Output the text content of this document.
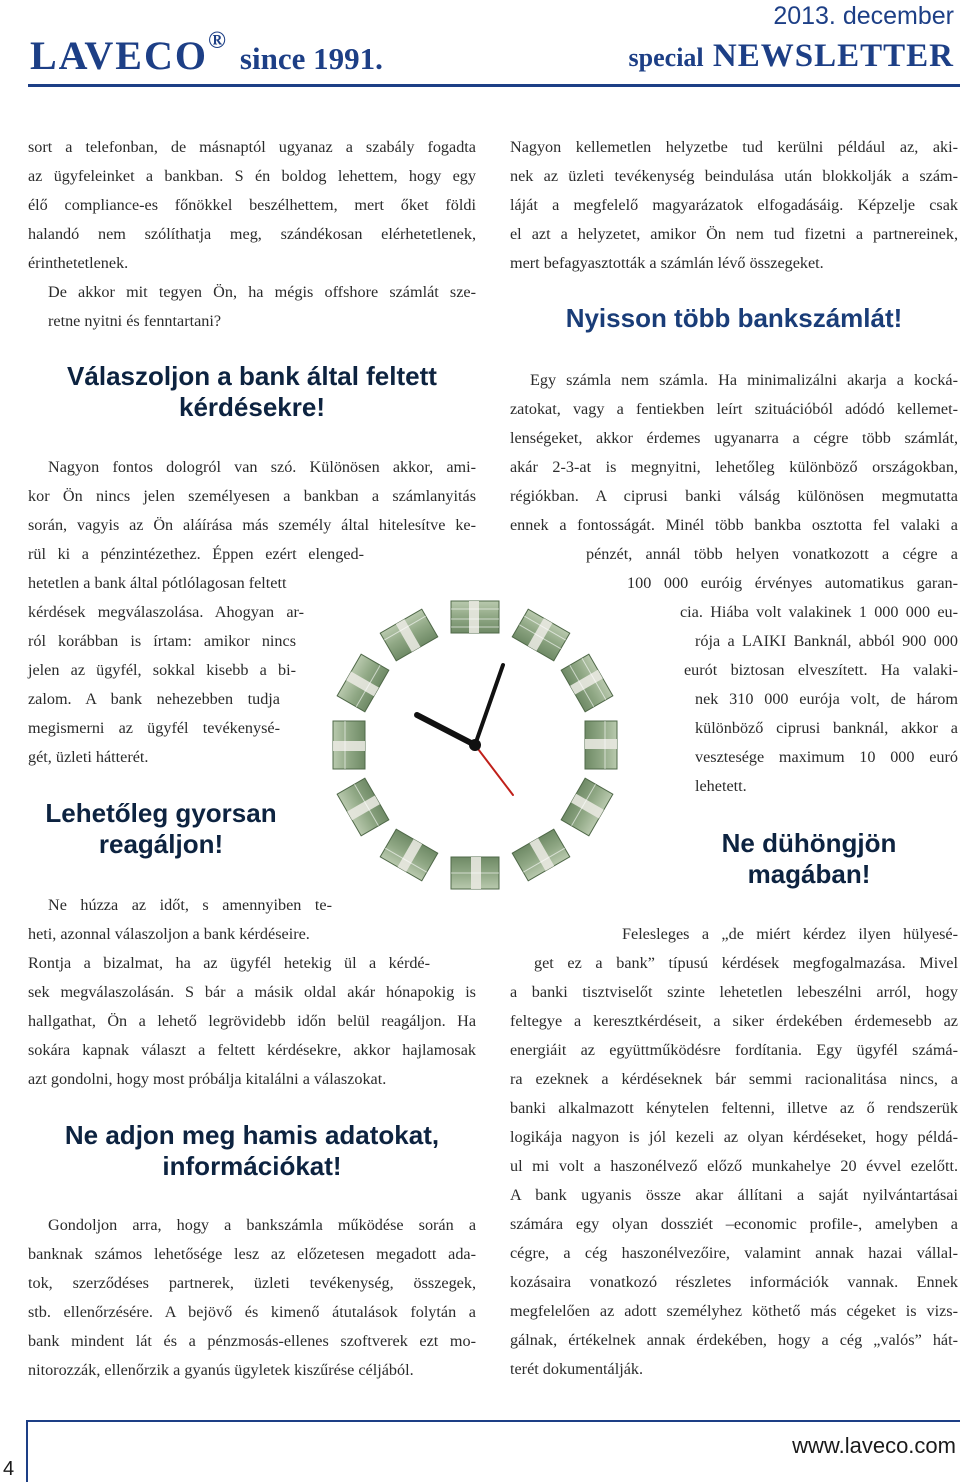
2013. december
LAVECO® since 1991.	special NEWSLETTER
sort a telefonban, de másnaptól ugyanaz a szabály fogadta
az ügyfeleinket a bankban. S én boldog lehettem, hogy egy
élő compliance-es főnökkel beszélhettem, mert őket földi
halandó nem szólíthatja meg, szándékosan elérhetetlenek,
érinthetetlenek.
De akkor mit tegyen Ön, ha mégis offshore számlát sze-
retne nyitni és fenntartani?
Válaszoljon a bank által feltett
kérdésekre!
Nagyon fontos dologról van szó. Különösen akkor, ami-
kor Ön nincs jelen személyesen a bankban a számlanyitás
során, vagyis az Ön aláírása más személy által hitelesítve ke-
rül ki a pénzintézethez. Éppen ezért elenged-
hetetlen a bank által pótlólagosan feltett
kérdések megválaszolása. Ahogyan ar-
ról korábban is írtam: amikor nincs
jelen az ügyfél, sokkal kisebb a bi-
zalom. A bank nehezebben tudja
megismerni az ügyfél tevékenysé-
gét, üzleti hátterét.
Lehetőleg gyorsan
reagáljon!
Ne húzza az időt, s amennyiben te-
heti, azonnal válaszoljon a bank kérdéseire.
Rontja a bizalmat, ha az ügyfél hetekig ül a kérdé-
sek megválaszolásán. S bár a másik oldal akár hónapokig is
hallgathat, Ön a lehető legrövidebb időn belül reagáljon. Ha
sokára kapnak választ a feltett kérdésekre, akkor hajlamosak
azt gondolni, hogy most próbálja kitalálni a válaszokat.
Ne adjon meg hamis adatokat,
információkat!
Gondoljon arra, hogy a bankszámla működése során a
banknak számos lehetősége lesz az előzetesen megadott ada-
tok, szerződéses partnerek, üzleti tevékenység, összegek,
stb. ellenőrzésére. A bejövő és kimenő átutalások folytán a
bank mindent lát és a pénzmosás-ellenes szoftverek ezt mo-
nitorozzák, ellenőrzik a gyanús ügyletek kiszűrése céljából.
Nagyon kellemetlen helyzetbe tud kerülni például az, aki-
nek az üzleti tevékenység beindulása után blokkolják a szám-
láját a megfelelő magyarázatok elfogadásáig. Képzelje csak
el azt a helyzetet, amikor Ön nem tud fizetni a partnereinek,
mert befagyasztották a számlán lévő összegeket.
Nyisson több bankszámlát!
Egy számla nem számla. Ha minimalizálni akarja a kocká-
zatokat, vagy a fentiekben leírt szituációból adódó kellemet-
lenségeket, akkor érdemes ugyanarra a cégre több számlát,
akár 2-3-at is megnyitni, lehetőleg különböző országokban,
régiókban. A ciprusi banki válság különösen megmutatta
ennek a fontosságát. Minél több bankba osztotta fel valaki a
pénzét, annál több helyen vonatkozott a cégre a
100 000 euróig érvényes automatikus garan-
cia. Hiába volt valakinek 1 000 000 eu-
rója a LAIKI Banknál, abból 900 000
eurót biztosan elveszített. Ha valaki-
nek 310 000 eurója volt, de három
különböző ciprusi banknál, akkor a
vesztesége maximum 10 000 euró
lehetett.
Ne dühöngjön
magában!
Felesleges a „de miért kérdez ilyen hülyesé-
get ez a bank” típusú kérdések megfogalmazása. Mivel
a banki tisztviselőt szinte lehetetlen lebeszélni arról, hogy
feltegye a keresztkérdéseit, a siker érdekében érdemesebb az
energiáit az együttműködésre fordítania. Egy ügyfél számá-
ra ezeknek a kérdéseknek bár semmi racionalitása nincs, a
banki alkalmazott kénytelen feltenni, illetve az ő rendszerük
logikája nagyon is jól kezeli az olyan kérdéseket, hogy példá-
ul mi volt a haszonélvező előző munkahelye 20 évvel ezelőtt.
A bank ugyanis össze akar állítani a saját nyilvántartásai
számára egy olyan dossziét –economic profile-, amelyben a
cégre, a cég haszonélvezőire, valamint annak hazai vállal-
kozásaira vonatkozó részletes információk vannak. Ennek
megfelelően az adott személyhez köthető más cégeket is vizs-
gálnak, értékelnek annak érdekében, hogy a cég „valós” hát-
terét dokumentálják.
www.laveco.com
4
